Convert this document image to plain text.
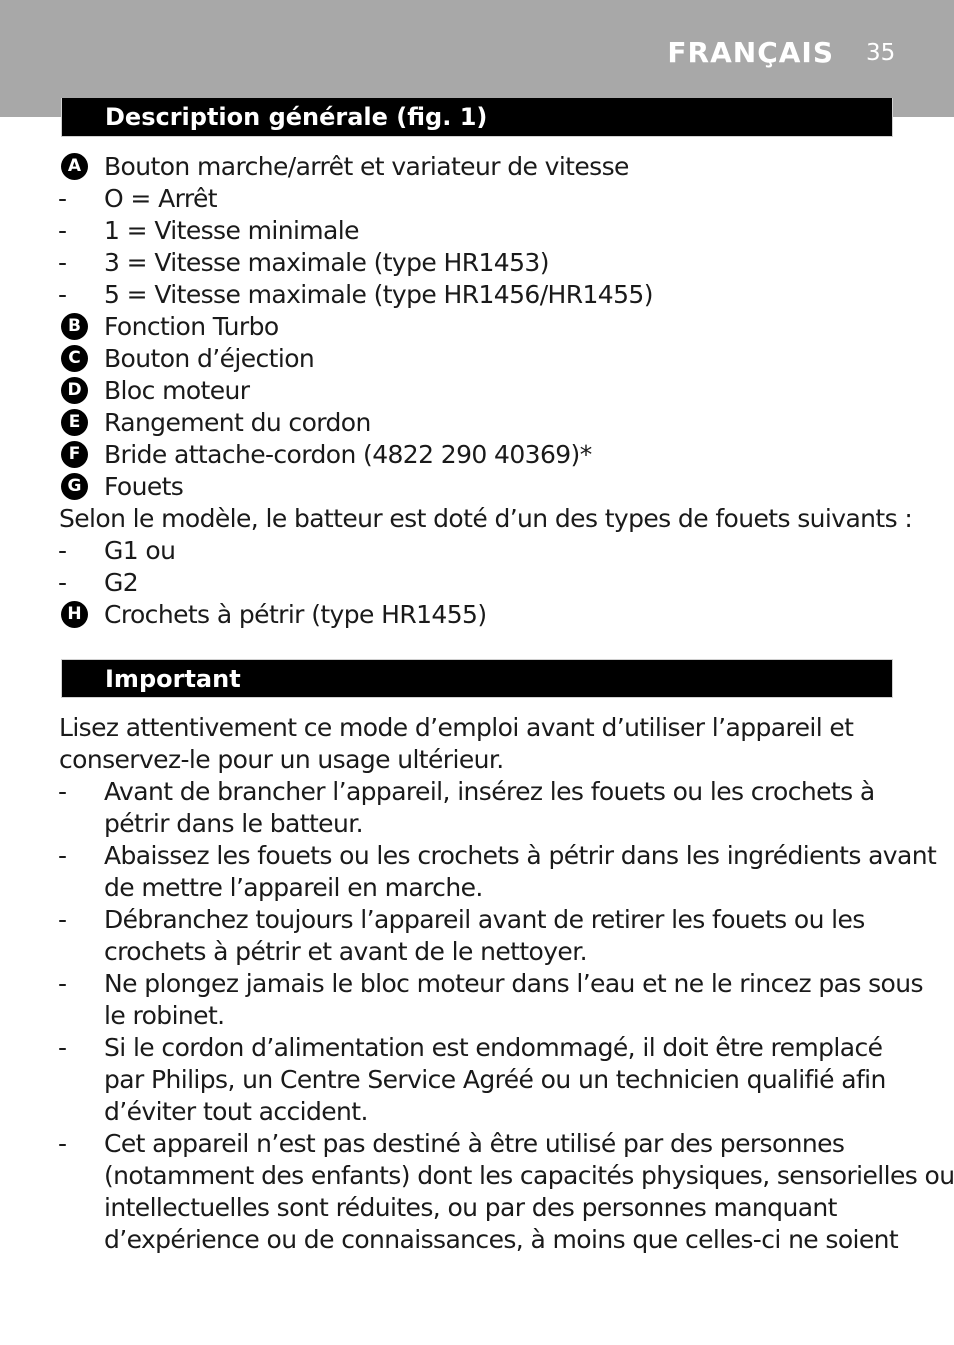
FRANÇAIS 35
Description générale (fig. 1)
A Bouton marche/arrêt et variateur de vitesse
- O = Arrêt
- 1 = Vitesse minimale
- 3 = Vitesse maximale (type HR1453)
- 5 = Vitesse maximale (type HR1456/HR1455)
B Fonction Turbo
C Bouton d’éjection
D Bloc moteur
E Rangement du cordon
F Bride attache-cordon (4822 290 40369)*
G Fouets
Selon le modèle, le batteur est doté d’un des types de fouets suivants :
- G1 ou
- G2
H Crochets à pétrir (type HR1455)
Important
Lisez attentivement ce mode d’emploi avant d’utiliser l’appareil et
conservez-le pour un usage ultérieur.
- Avant de brancher l’appareil, insérez les fouets ou les crochets à
pétrir dans le batteur.
- Abaissez les fouets ou les crochets à pétrir dans les ingrédients avant
de mettre l’appareil en marche.
- Débranchez toujours l’appareil avant de retirer les fouets ou les
crochets à pétrir et avant de le nettoyer.
- Ne plongez jamais le bloc moteur dans l’eau et ne le rincez pas sous
le robinet.
- Si le cordon d’alimentation est endommagé, il doit être remplacé
par Philips, un Centre Service Agréé ou un technicien qualifié afin
d’éviter tout accident.
- Cet appareil n’est pas destiné à être utilisé par des personnes
(notamment des enfants) dont les capacités physiques, sensorielles ou
intellectuelles sont réduites, ou par des personnes manquant
d’expérience ou de connaissances, à moins que celles-ci ne soient
